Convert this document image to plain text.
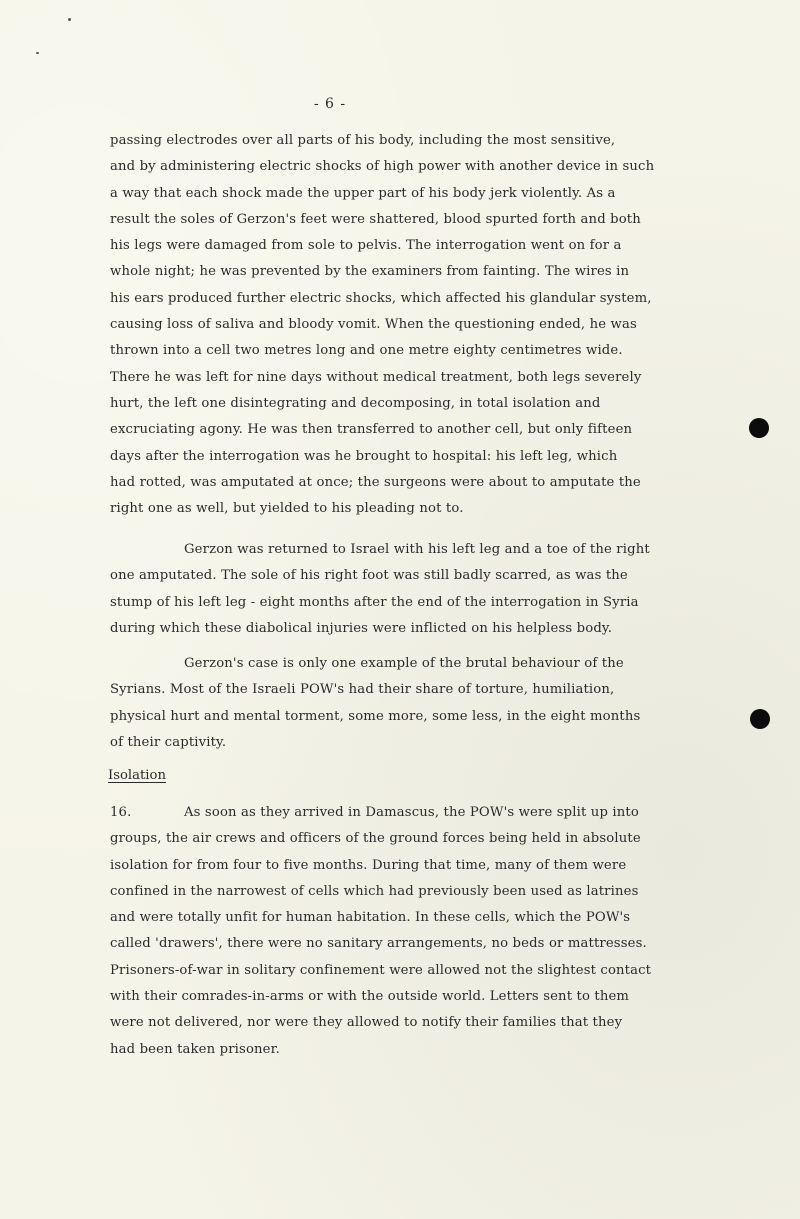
- 6 -
passing electrodes over all parts of his body, including the most sensitive,
and by administering electric shocks of high power with another device in such
a way that each shock made the upper part of his body jerk violently. As a
result the soles of Gerzon's feet were shattered, blood spurted forth and both
his legs were damaged from sole to pelvis. The interrogation went on for a
whole night; he was prevented by the examiners from fainting. The wires in
his ears produced further electric shocks, which affected his glandular system,
causing loss of saliva and bloody vomit. When the questioning ended, he was
thrown into a cell two metres long and one metre eighty centimetres wide.
There he was left for nine days without medical treatment, both legs severely
hurt, the left one disintegrating and decomposing, in total isolation and
excruciating agony. He was then transferred to another cell, but only fifteen
days after the interrogation was he brought to hospital: his left leg, which
had rotted, was amputated at once; the surgeons were about to amputate the
right one as well, but yielded to his pleading not to.
Gerzon was returned to Israel with his left leg and a toe of the right
one amputated. The sole of his right foot was still badly scarred, as was the
stump of his left leg - eight months after the end of the interrogation in Syria
during which these diabolical injuries were inflicted on his helpless body.
Gerzon's case is only one example of the brutal behaviour of the
Syrians. Most of the Israeli POW's had their share of torture, humiliation,
physical hurt and mental torment, some more, some less, in the eight months
of their captivity.
Isolation
16.	As soon as they arrived in Damascus, the POW's were split up into
groups, the air crews and officers of the ground forces being held in absolute
isolation for from four to five months. During that time, many of them were
confined in the narrowest of cells which had previously been used as latrines
and were totally unfit for human habitation. In these cells, which the POW's
called 'drawers', there were no sanitary arrangements, no beds or mattresses.
Prisoners-of-war in solitary confinement were allowed not the slightest contact
with their comrades-in-arms or with the outside world. Letters sent to them
were not delivered, nor were they allowed to notify their families that they
had been taken prisoner.
